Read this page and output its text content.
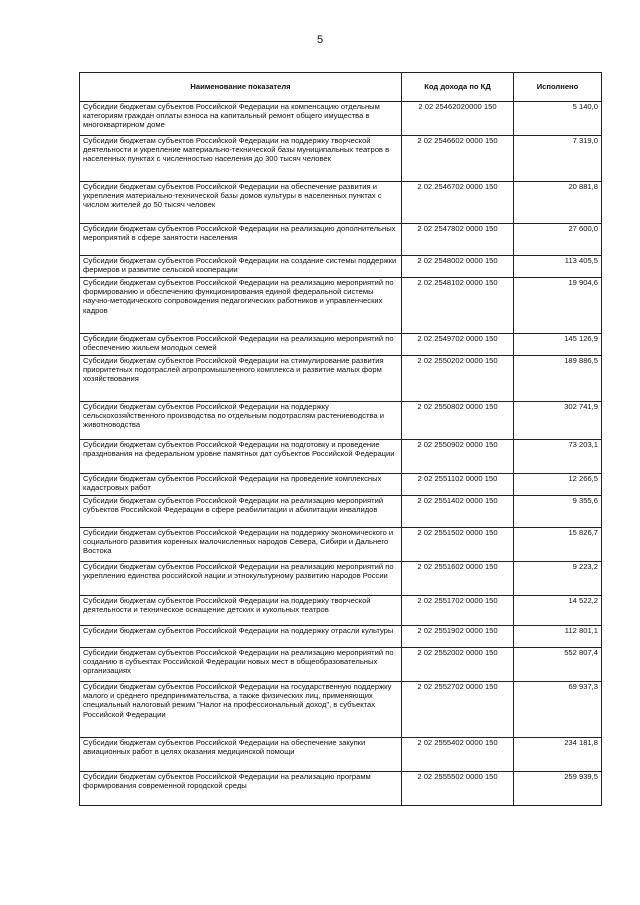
5
Наименование показателя	Код дохода по КД	Исполнено
Субсидии бюджетам субъектов Российской Федерации на компенсацию отдельным категориям граждан оплаты взноса на капитальный ремонт общего имущества в многоквартирном доме	2 02 25462020000 150	5 140,0
Субсидии бюджетам субъектов Российской Федерации на поддержку творческой деятельности и укрепление материально-технической базы муниципальных театров в населенных пунктах с численностью населения до 300 тысяч человек	2 02 2546602 0000 150	7 319,0
Субсидии бюджетам субъектов Российской Федерации на обеспечение развития и укрепления материально-технической базы домов культуры в населенных пунктах с числом жителей до 50 тысяч человек	2 02 2546702 0000 150	20 881,8
Субсидии бюджетам субъектов Российской Федерации на реализацию дополнительных мероприятий в сфере занятости населения	2 02 2547802 0000 150	27 600,0
Субсидии бюджетам субъектов Российской Федерации на создание системы поддержки фермеров и развитие сельской кооперации	2 02 2548002 0000 150	113 405,5
Субсидии бюджетам субъектов Российской Федерации на реализацию мероприятий по формированию и обеспечению функционирования единой федеральной системы научно-методического сопровождения педагогических работников и управленческих кадров	2 02 2548102 0000 150	19 904,6
Субсидии бюджетам субъектов Российской Федерации на реализацию мероприятий по обеспечению жильем молодых семей	2 02 2549702 0000 150	145 126,9
Субсидии бюджетам субъектов Российской Федерации на стимулирование развития приоритетных подотраслей агропромышленного комплекса и развитие малых форм хозяйствования	2 02 2550202 0000 150	189 886,5
Субсидии бюджетам субъектов Российской Федерации на поддержку сельскохозяйственного производства по отдельным подотраслям растениеводства и животноводства	2 02 2550802 0000 150	302 741,9
Субсидии бюджетам субъектов Российской Федерации на подготовку и проведение празднования на федеральном уровне памятных дат субъектов Российской Федерации	2 02 2550902 0000 150	73 203,1
Субсидии бюджетам субъектов Российской Федерации на проведение комплексных кадастровых работ	2 02 2551102 0000 150	12 266,5
Субсидии бюджетам субъектов Российской Федерации на реализацию мероприятий субъектов Российской Федерации в сфере реабилитации и абилитации инвалидов	2 02 2551402 0000 150	9 355,6
Субсидии бюджетам субъектов Российской Федерации на поддержку экономического и социального развития коренных малочисленных народов Севера, Сибири и Дальнего Востока	2 02 2551502 0000 150	15 826,7
Субсидии бюджетам субъектов Российской Федерации на реализацию мероприятий по укреплению единства российской нации и этнокультурному развитию народов России	2 02 2551602 0000 150	9 223,2
Субсидии бюджетам субъектов Российской Федерации на поддержку творческой деятельности и техническое оснащение детских и кукольных театров	2 02 2551702 0000 150	14 522,2
Субсидии бюджетам субъектов Российской Федерации на поддержку отрасли культуры	2 02 2551902 0000 150	112 801,1
Субсидии бюджетам субъектов Российской Федерации на реализацию мероприятий по созданию в субъектах Российской Федерации новых мест в общеобразовательных организациях	2 02 2552002 0000 150	552 807,4
Субсидии бюджетам субъектов Российской Федерации на государственную поддержку малого и среднего предпринимательства, а также физических лиц, применяющих специальный налоговый режим "Налог на профессиональный доход", в субъектах Российской Федерации	2 02 2552702 0000 150	69 937,3
Субсидии бюджетам субъектов Российской Федерации на обеспечение закупки авиационных работ в целях оказания медицинской помощи	2 02 2555402 0000 150	234 181,8
Субсидии бюджетам субъектов Российской Федерации на реализацию программ формирования современной городской среды	2 02 2555502 0000 150	259 939,5
